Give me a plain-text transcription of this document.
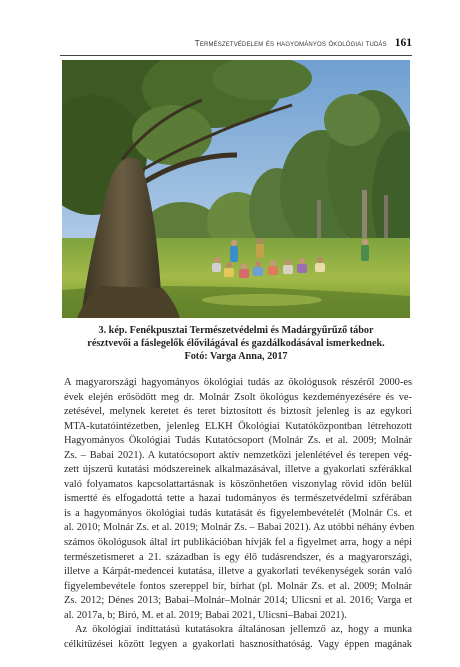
Természetvédelem és hagyományos ökológiai tudás 161
3. kép. Fenékpusztai Természetvédelmi és Madárgyűrűző tábor
résztvevői a fáslegelők élővilágával és gazdálkodásával ismerkednek.
Fotó: Varga Anna, 2017
A magyarországi hagyományos ökológiai tudás az ökológusok részéről 2000-es
évek elején erősödött meg dr. Molnár Zsolt ökológus kezdeményezésére és ve-
zetésével, melynek keretet és teret biztosított és biztosít jelenleg is az egykori
MTA-kutatóintézetben, jelenleg ELKH Ökológiai Kutatóközpontban létrehozott
Hagyományos Ökológiai Tudás Kutatócsoport (Molnár Zs. et al. 2009; Molnár
Zs. – Babai 2021). A kutatócsoport aktív nemzetközi jelenlétével és terepen vég-
zett újszerű kutatási módszereinek alkalmazásával, illetve a gyakorlati szférákkal
való folyamatos kapcsolattartásnak is köszönhetően viszonylag rövid időn belül
ismertté és elfogadottá tette a hazai tudományos és természetvédelmi szférában
is a hagyományos ökológiai tudás kutatását és figyelembevételét (Molnár Cs. et
al. 2010; Molnár Zs. et al. 2019; Molnár Zs. – Babai 2021). Az utóbbi néhány évben
számos ökológusok által írt publikációban hívják fel a figyelmet arra, hogy a népi
természetismeret a 21. században is egy élő tudásrendszer, és a magyarországi,
illetve a Kárpát-medencei kutatása, illetve a gyakorlati tevékenységek során való
figyelembevétele fontos szereppel bír, bírhat (pl. Molnár Zs. et al. 2009; Molnár
Zs. 2012; Dénes 2013; Babai–Molnár–Molnár 2014; Ulicsni et al. 2016; Varga et
al. 2017a, b; Biró, M. et al. 2019; Babai 2021, Ulicsni–Babai 2021).
Az ökológiai indíttatású kutatásokra általánosan jellemző az, hogy a munka
célkitűzései között legyen a gyakorlati hasznosíthatóság. Vagy éppen magának
